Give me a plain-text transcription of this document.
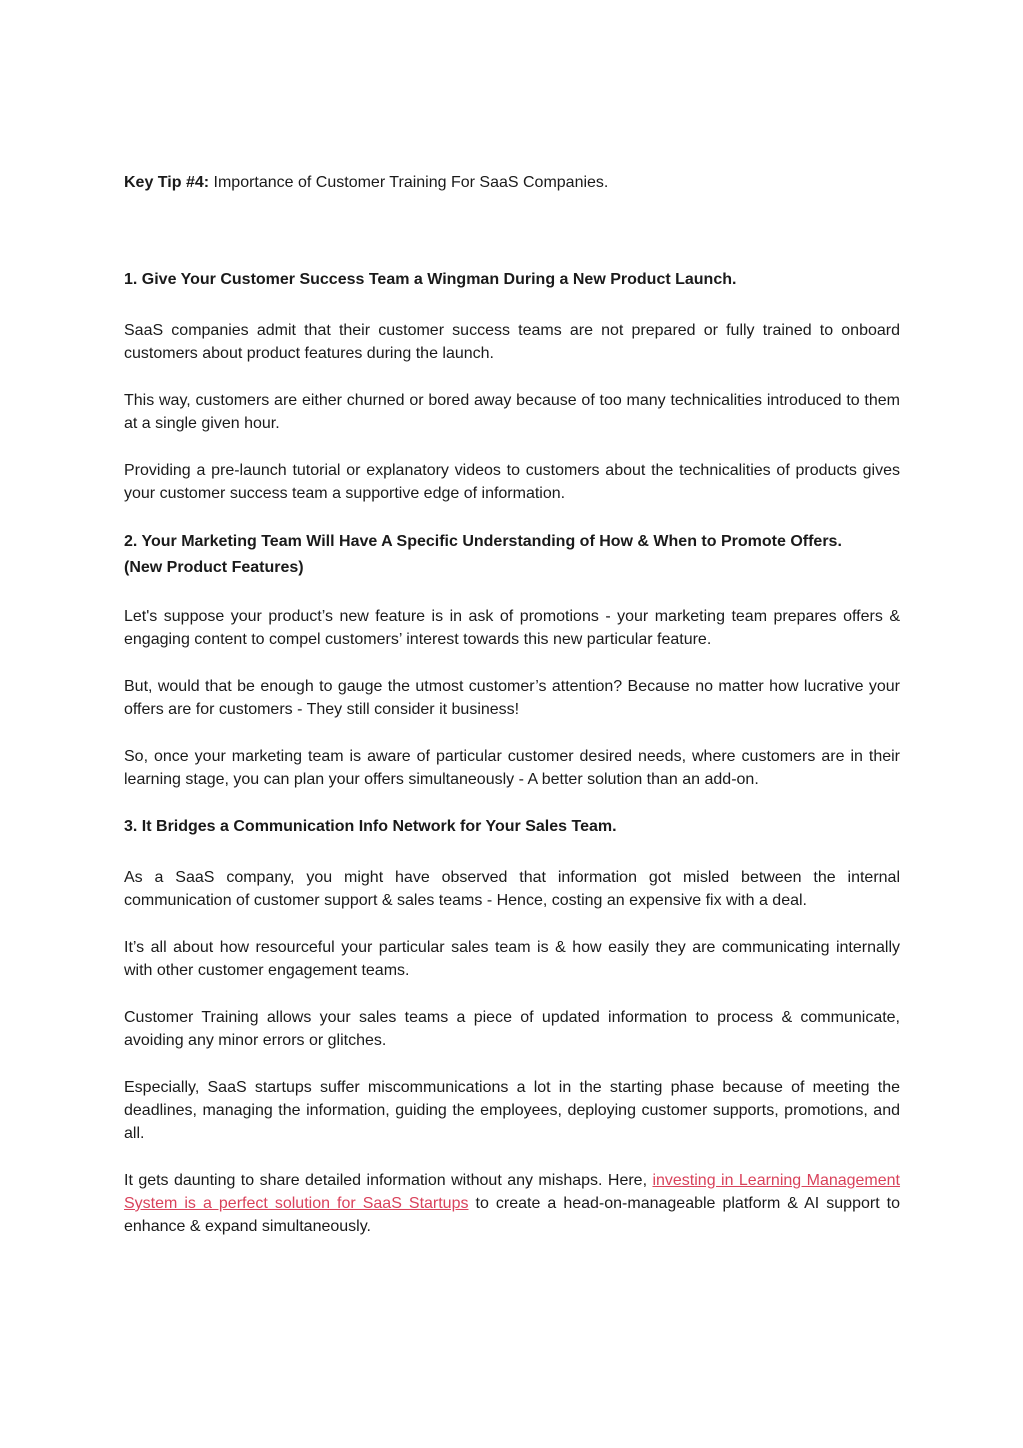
Key Tip #4: Importance of Customer Training For SaaS Companies.

1. Give Your Customer Success Team a Wingman During a New Product Launch.

SaaS companies admit that their customer success teams are not prepared or fully trained to onboard customers about product features during the launch.

This way, customers are either churned or bored away because of too many technicalities introduced to them at a single given hour.

Providing a pre-launch tutorial or explanatory videos to customers about the technicalities of products gives your customer success team a supportive edge of information.

2. Your Marketing Team Will Have A Specific Understanding of How & When to Promote Offers.
(New Product Features)

Let's suppose your product’s new feature is in ask of promotions - your marketing team prepares offers & engaging content to compel customers’ interest towards this new particular feature.

But, would that be enough to gauge the utmost customer’s attention? Because no matter how lucrative your offers are for customers - They still consider it business!

So, once your marketing team is aware of particular customer desired needs, where customers are in their learning stage, you can plan your offers simultaneously - A better solution than an add-on.

3. It Bridges a Communication Info Network for Your Sales Team.

As a SaaS company, you might have observed that information got misled between the internal communication of customer support & sales teams - Hence, costing an expensive fix with a deal.

It’s all about how resourceful your particular sales team is & how easily they are communicating internally with other customer engagement teams.

Customer Training allows your sales teams a piece of updated information to process & communicate, avoiding any minor errors or glitches.

Especially, SaaS startups suffer miscommunications a lot in the starting phase because of meeting the deadlines, managing the information, guiding the employees, deploying customer supports, promotions, and all.

It gets daunting to share detailed information without any mishaps. Here, investing in Learning Management System is a perfect solution for SaaS Startups to create a head-on-manageable platform & AI support to enhance & expand simultaneously.
